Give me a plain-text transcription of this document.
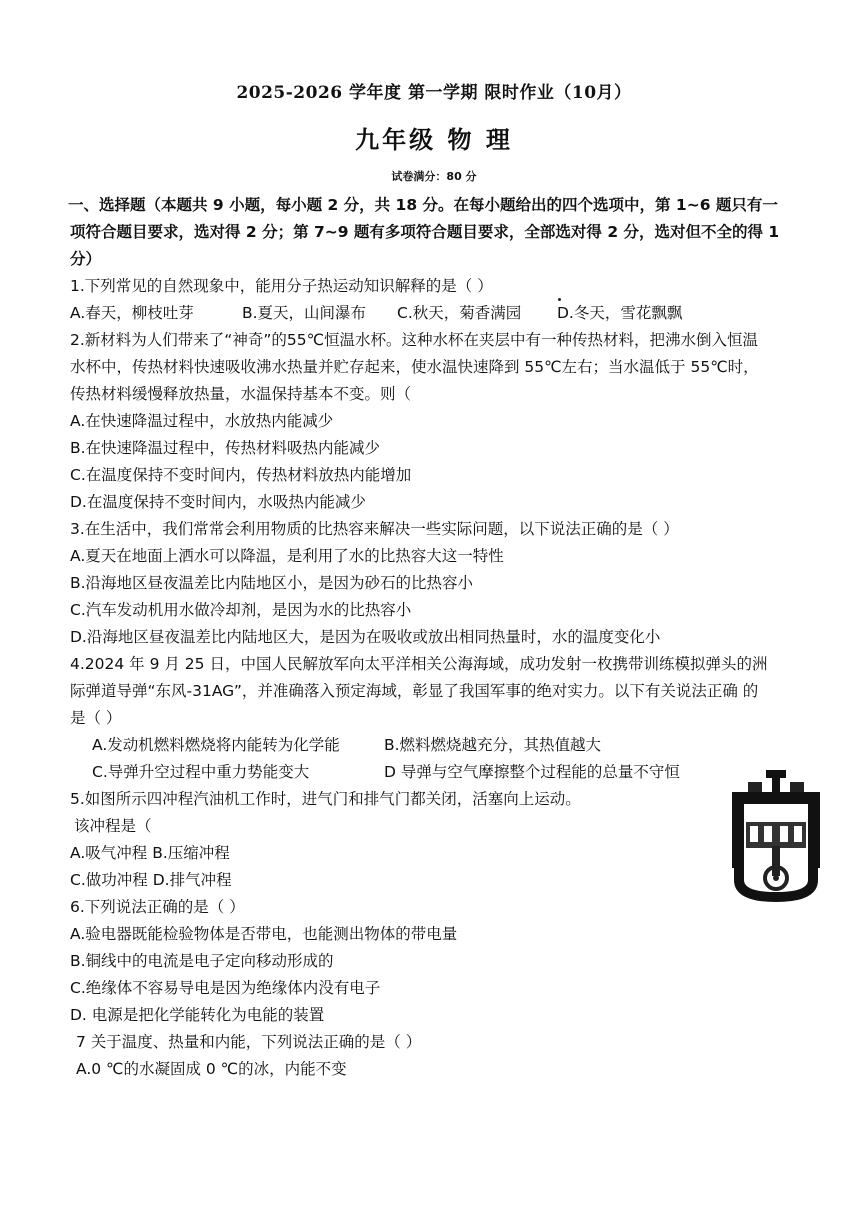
2025-2026 学年度 第一学期 限时作业（10月）
九年级 物 理
试卷满分：80 分
一、选择题（本题共 9 小题，每小题 2 分，共 18 分。在每小题给出的四个选项中，第 1~6 题只有一
项符合题目要求，选对得 2 分；第 7~9 题有多项符合题目要求，全部选对得 2 分，选对但不全的得 1
分）
1.下列常见的自然现象中，能用分子热运动知识解释的是（ ）
A.春天，柳枝吐芽	B.夏天，山间瀑布	C.秋天，菊香满园	D.冬天，雪花飘飘
2.新材料为人们带来了“神奇”的55℃恒温水杯。这种水杯在夹层中有一种传热材料，把沸水倒入恒温
水杯中，传热材料快速吸收沸水热量并贮存起来，使水温快速降到 55℃左右；当水温低于 55℃时，
传热材料缓慢释放热量，水温保持基本不变。则（
A.在快速降温过程中，水放热内能减少
B.在快速降温过程中，传热材料吸热内能减少
C.在温度保持不变时间内，传热材料放热内能增加
D.在温度保持不变时间内，水吸热内能减少
3.在生活中，我们常常会利用物质的比热容来解决一些实际问题，以下说法正确的是（ ）
A.夏天在地面上洒水可以降温，是利用了水的比热容大这一特性
B.沿海地区昼夜温差比内陆地区小，是因为砂石的比热容小
C.汽车发动机用水做冷却剂，是因为水的比热容小
D.沿海地区昼夜温差比内陆地区大，是因为在吸收或放出相同热量时，水的温度变化小
4.2024 年 9 月 25 日，中国人民解放军向太平洋相关公海海域，成功发射一枚携带训练模拟弹头的洲
际弹道导弹“东风-31AG”，并准确落入预定海域，彰显了我国军事的绝对实力。以下有关说法正确 的
是（ ）
A.发动机燃料燃烧将内能转为化学能	B.燃料燃烧越充分，其热值越大
C.导弹升空过程中重力势能变大	D 导弹与空气摩擦整个过程能的总量不守恒
5.如图所示四冲程汽油机工作时，进气门和排气门都关闭，活塞向上运动。
该冲程是（
A.吸气冲程 B.压缩冲程
C.做功冲程 D.排气冲程
6.下列说法正确的是（ ）
A.验电器既能检验物体是否带电，也能测出物体的带电量
B.铜线中的电流是电子定向移动形成的
C.绝缘体不容易导电是因为绝缘体内没有电子
D. 电源是把化学能转化为电能的装置
7 关于温度、热量和内能，下列说法正确的是（ ）
A.0 ℃的水凝固成 0 ℃的冰，内能不变
